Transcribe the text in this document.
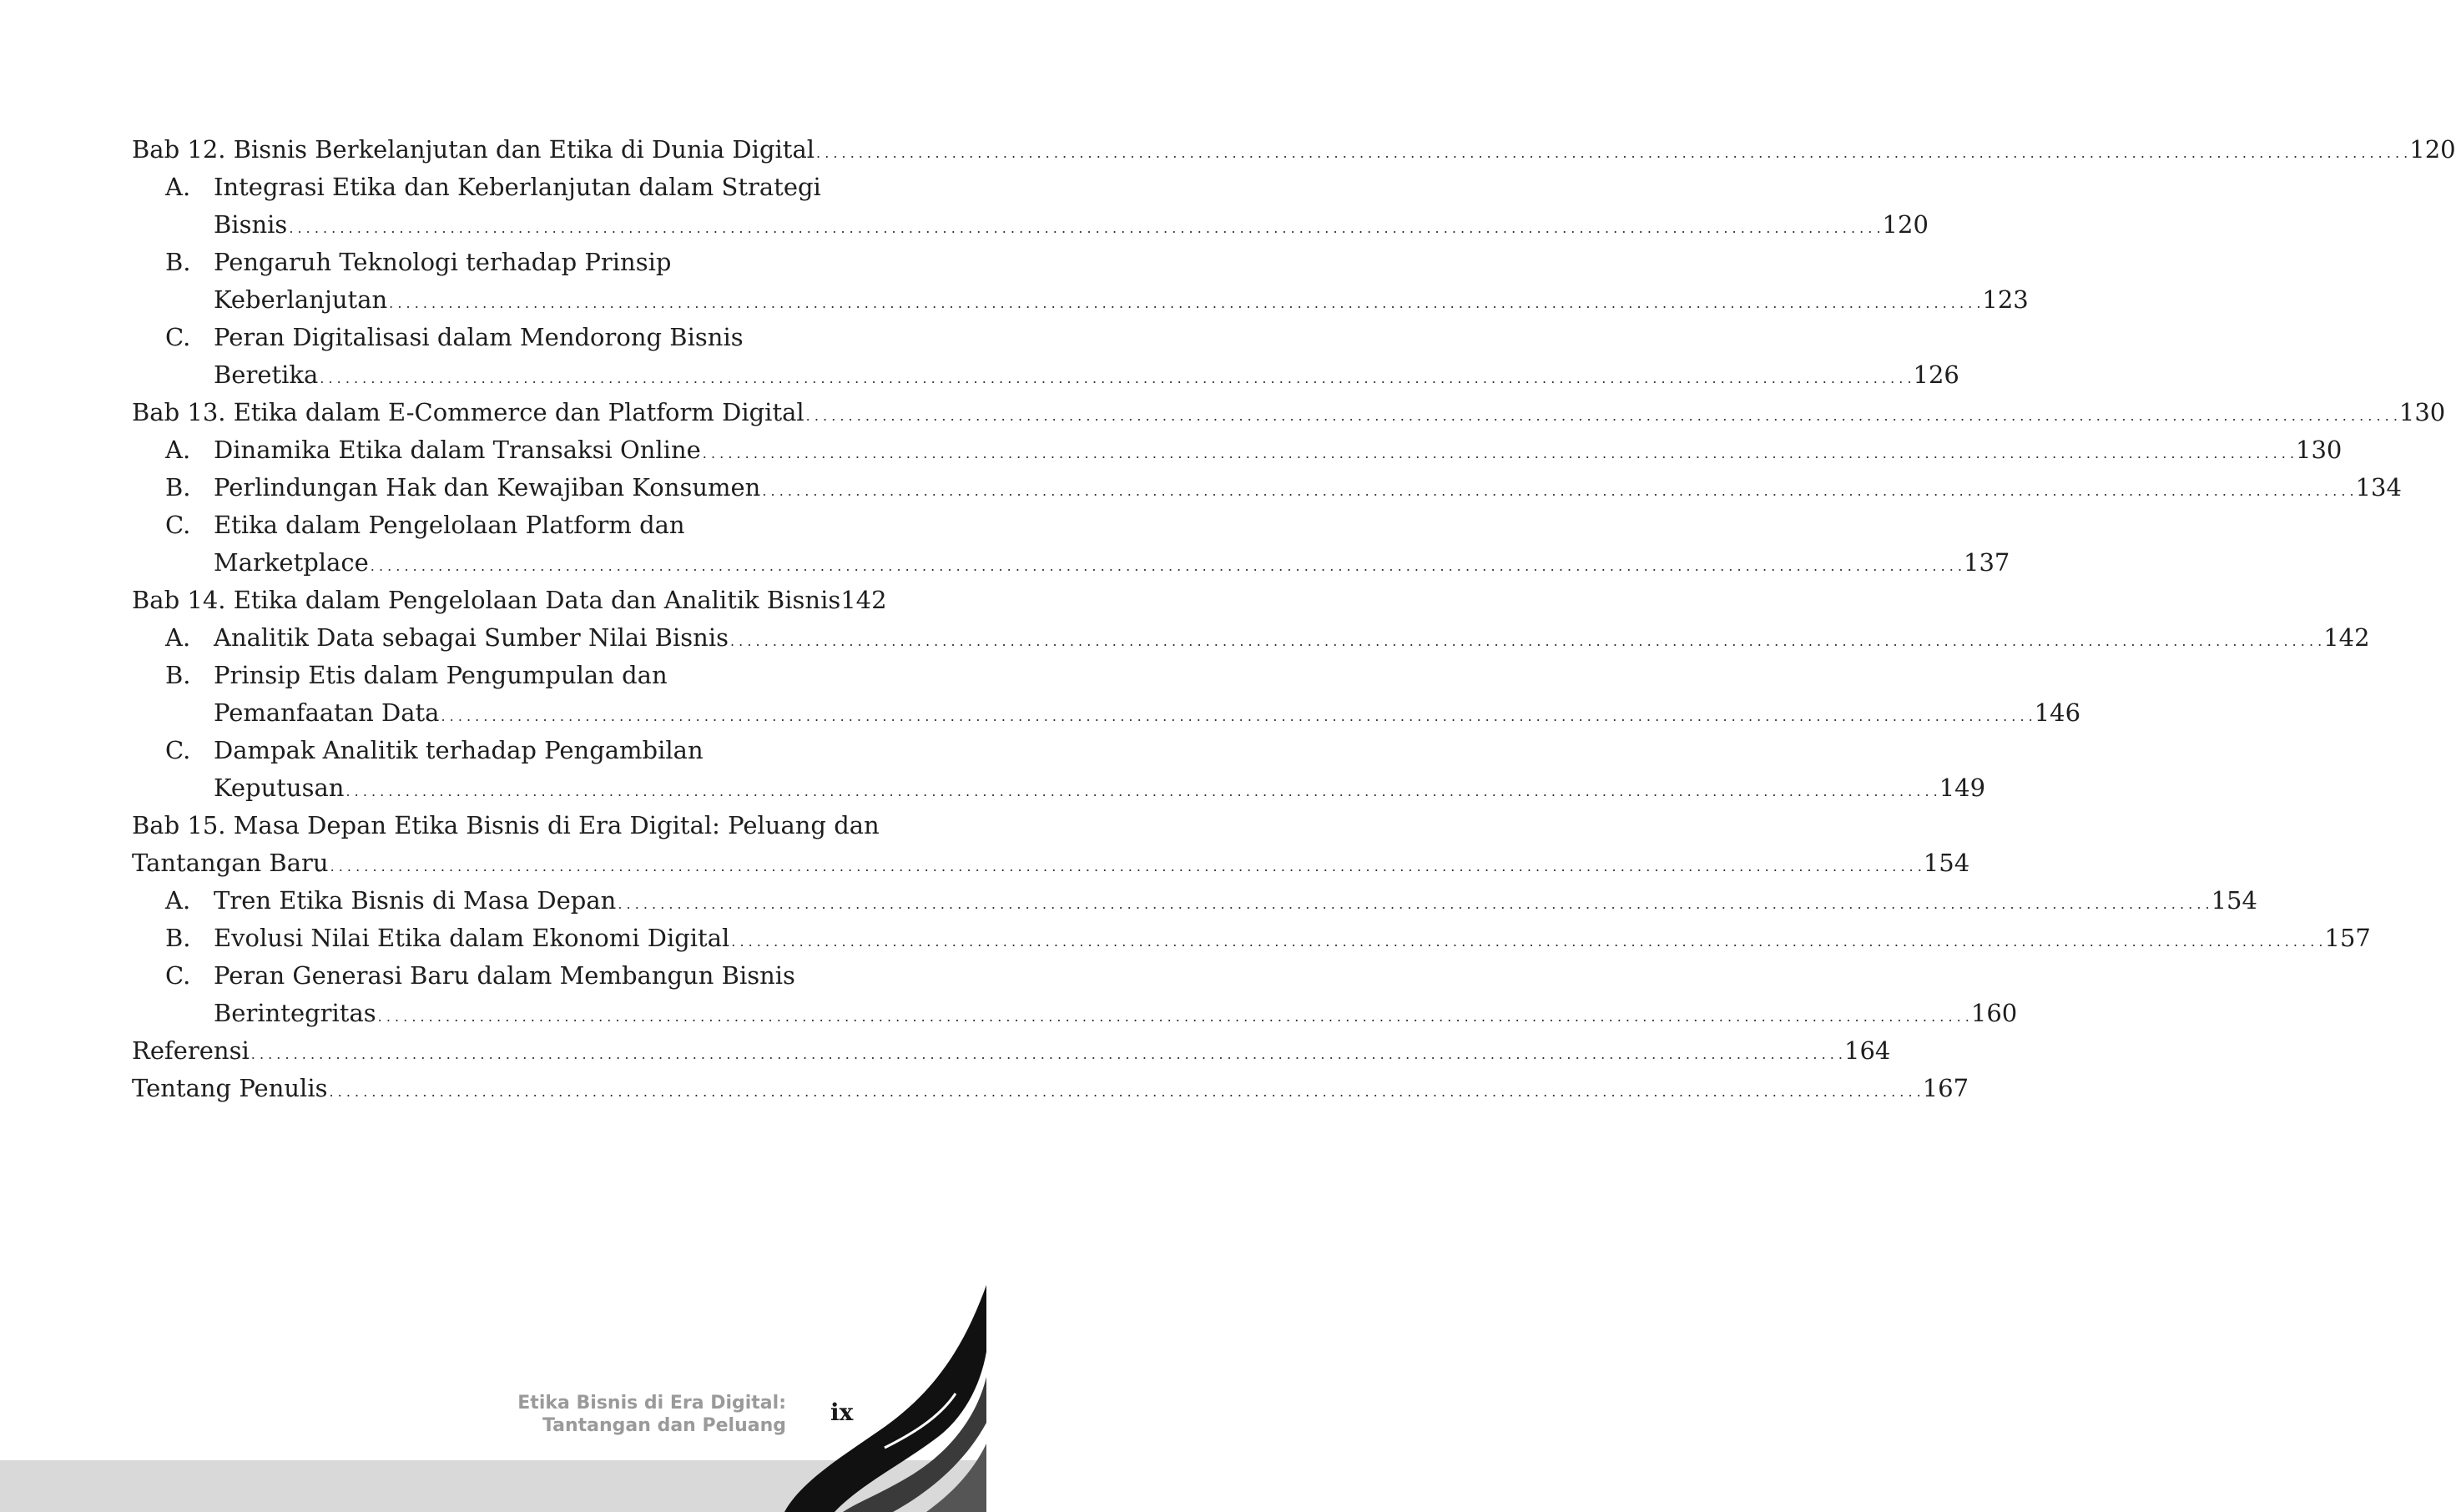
Bab 12. Bisnis Berkelanjutan dan Etika di Dunia Digital . . .	120
A. Integrasi Etika dan Keberlanjutan dalam Strategi
Bisnis . . .	120
B. Pengaruh Teknologi terhadap Prinsip
Keberlanjutan . . .	123
C. Peran Digitalisasi dalam Mendorong Bisnis
Beretika . . .	126
Bab 13. Etika dalam E-Commerce dan Platform Digital . . .	130
A. Dinamika Etika dalam Transaksi Online . . .	130
B. Perlindungan Hak dan Kewajiban Konsumen . . .	134
C. Etika dalam Pengelolaan Platform dan
Marketplace . . .	137
Bab 14. Etika dalam Pengelolaan Data dan Analitik Bisnis 142
A. Analitik Data sebagai Sumber Nilai Bisnis . . .	142
B. Prinsip Etis dalam Pengumpulan dan
Pemanfaatan Data . . .	146
C. Dampak Analitik terhadap Pengambilan
Keputusan . . .	149
Bab 15. Masa Depan Etika Bisnis di Era Digital: Peluang dan
Tantangan Baru . . .	154
A. Tren Etika Bisnis di Masa Depan . . .	154
B. Evolusi Nilai Etika dalam Ekonomi Digital . . .	157
C. Peran Generasi Baru dalam Membangun Bisnis
Berintegritas . . .	160
Referensi . . .	164
Tentang Penulis . . .	167
Etika Bisnis di Era Digital:
Tantangan dan Peluang ix
